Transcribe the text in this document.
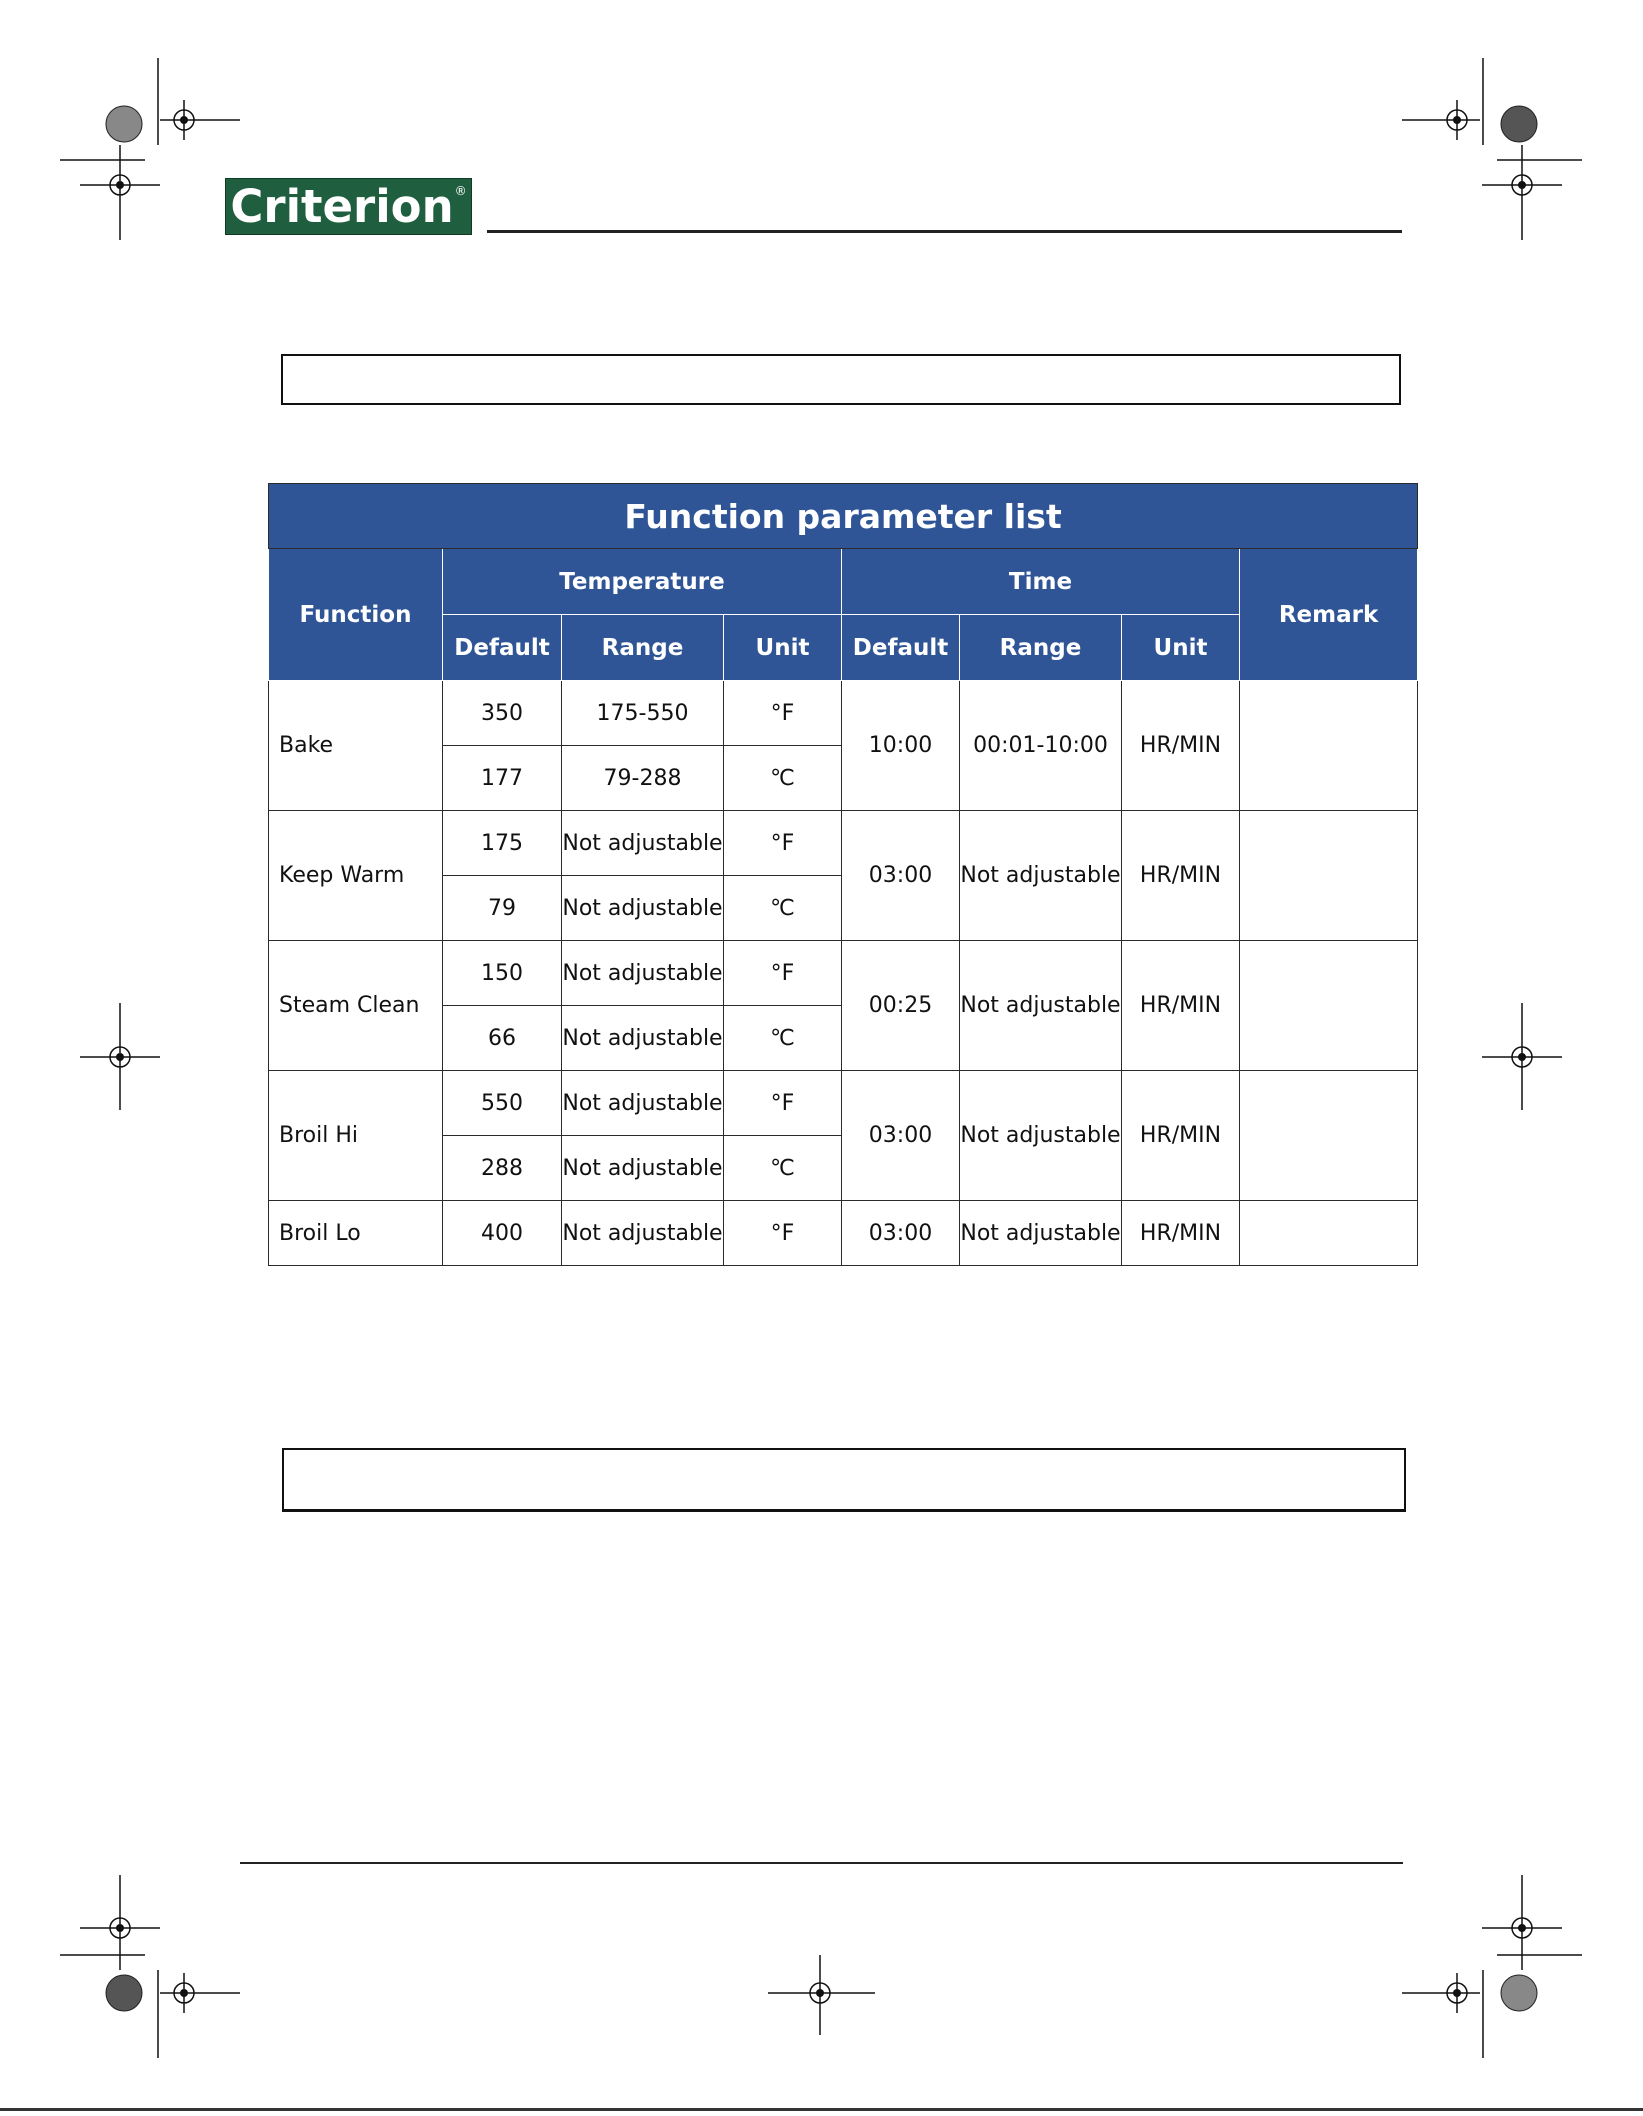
Criterion ®
Function parameter list							
Function	Temperature			Time			Remark
	Default	Range	Unit	Default	Range	Unit	
Bake	350	175-550	°F	10:00	00:01-10:00	HR/MIN	
	177	79-288	℃				
Keep Warm	175	Not adjustable	°F	03:00	Not adjustable	HR/MIN	
	79	Not adjustable	℃				
Steam Clean	150	Not adjustable	°F	00:25	Not adjustable	HR/MIN	
	66	Not adjustable	℃				
Broil Hi	550	Not adjustable	°F	03:00	Not adjustable	HR/MIN	
	288	Not adjustable	℃				
Broil Lo	400	Not adjustable	°F	03:00	Not adjustable	HR/MIN	
